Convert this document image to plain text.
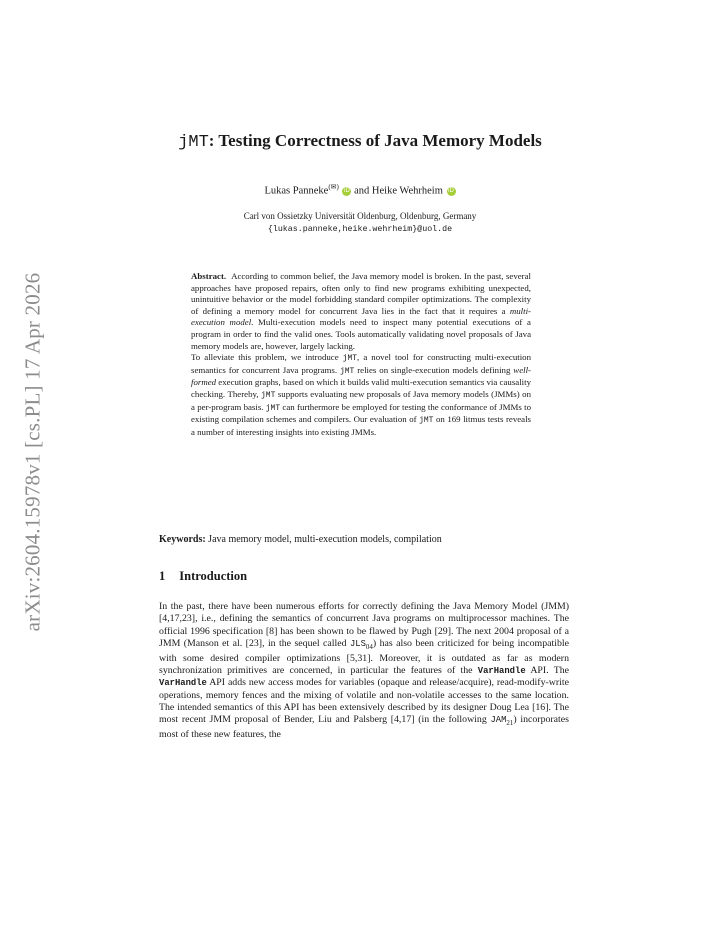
arXiv:2604.15978v1 [cs.PL] 17 Apr 2026
jMT: Testing Correctness of Java Memory Models
Lukas Panneke(✉) iD and Heike Wehrheim iD
Carl von Ossietzky Universität Oldenburg, Oldenburg, Germany
{lukas.panneke,heike.wehrheim}@uol.de

Abstract. According to common belief, the Java memory model is broken. In the past, several approaches have proposed repairs, often only to find new programs exhibiting unexpected, unintuitive behavior or the model forbidding standard compiler optimizations. The complexity of defining a memory model for concurrent Java lies in the fact that it requires a multi-execution model. Multi-execution models need to inspect many potential executions of a program in order to find the valid ones. Tools automatically validating novel proposals of Java memory models are, however, largely lacking.

To alleviate this problem, we introduce jMT, a novel tool for constructing multi-execution semantics for concurrent Java programs. jMT relies on single-execution models defining well-formed execution graphs, based on which it builds valid multi-execution semantics via causality checking. Thereby, jMT supports evaluating new proposals of Java memory models (JMMs) on a per-program basis. jMT can furthermore be employed for testing the conformance of JMMs to existing compilation schemes and compilers. Our evaluation of jMT on 169 litmus tests reveals a number of interesting insights into existing JMMs.

Keywords: Java memory model, multi-execution models, compilation
1 Introduction

In the past, there have been numerous efforts for correctly defining the Java Memory Model (JMM) [4,17,23], i.e., defining the semantics of concurrent Java programs on multiprocessor machines. The official 1996 specification [8] has been shown to be flawed by Pugh [29]. The next 2004 proposal of a JMM (Manson et al. [23], in the sequel called $JLS_{04}$) has also been criticized for being incompatible with some desired compiler optimizations [5,31]. Moreover, it is outdated as far as modern synchronization primitives are concerned, in particular the features of the VarHandle API. The VarHandle API adds new access modes for variables (opaque and release/acquire), read-modify-write operations, memory fences and the mixing of volatile and non-volatile accesses to the same location. The intended semantics of this API has been extensively described by its designer Doug Lea [16]. The most recent JMM proposal of Bender, Liu and Palsberg [4,17] (in the following $JAM_{21}$) incorporates most of these new features, the
